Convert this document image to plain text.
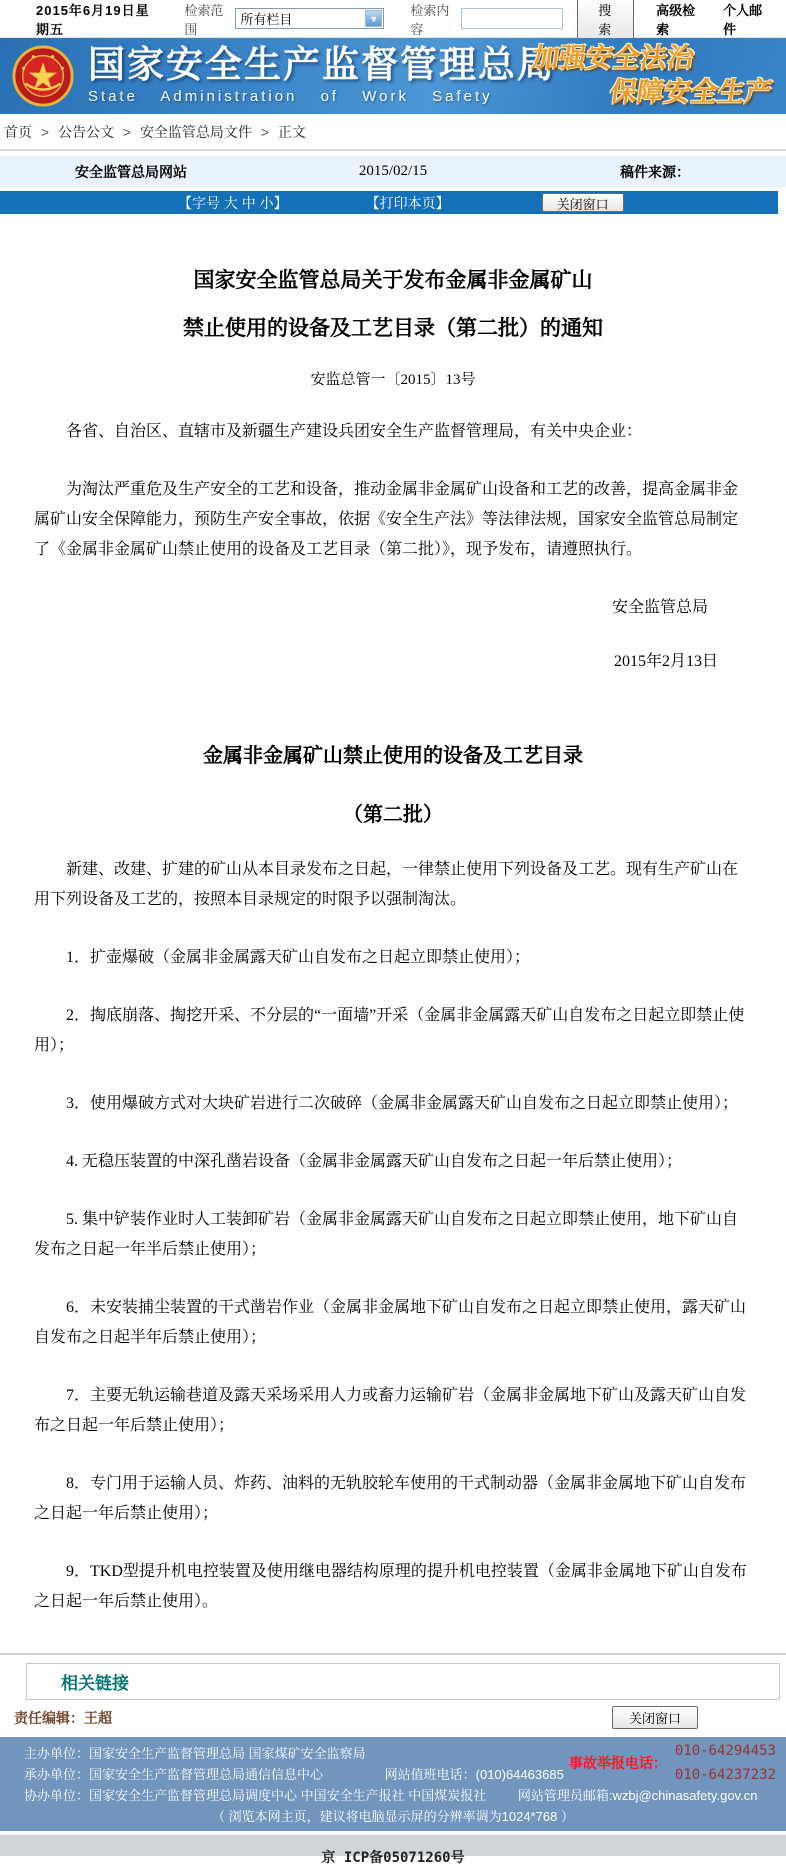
2015年6月19日星期五
检索范围
所有栏目	▼
检索内容
搜 索
高级检索
个人邮件
国家安全生产监督管理总局
State Administration of Work Safety
加强安全法治
保障安全生产
首页 > 公告公文 > 安全监管总局文件 > 正文
安全监管总局网站	2015/02/15	稿件来源：
【字号 大 中 小】	【打印本页】	关闭窗口
国家安全监管总局关于发布金属非金属矿山
禁止使用的设备及工艺目录（第二批）的通知
安监总管一〔2015〕13号

各省、自治区、直辖市及新疆生产建设兵团安全生产监督管理局，有关中央企业：

为淘汰严重危及生产安全的工艺和设备，推动金属非金属矿山设备和工艺的改善，提高金属非金属矿山安全保障能力，预防生产安全事故，依据《安全生产法》等法律法规，国家安全监管总局制定了《金属非金属矿山禁止使用的设备及工艺目录（第二批）》，现予发布，请遵照执行。

安全监管总局

2015年2月13日

金属非金属矿山禁止使用的设备及工艺目录
（第二批）

新建、改建、扩建的矿山从本目录发布之日起，一律禁止使用下列设备及工艺。现有生产矿山在用下列设备及工艺的，按照本目录规定的时限予以强制淘汰。

1．扩壶爆破（金属非金属露天矿山自发布之日起立即禁止使用）；

2．掏底崩落、掏挖开采、不分层的“一面墙”开采（金属非金属露天矿山自发布之日起立即禁止使用）；

3．使用爆破方式对大块矿岩进行二次破碎（金属非金属露天矿山自发布之日起立即禁止使用）；

4. 无稳压装置的中深孔凿岩设备（金属非金属露天矿山自发布之日起一年后禁止使用）；

5. 集中铲装作业时人工装卸矿岩（金属非金属露天矿山自发布之日起立即禁止使用，地下矿山自发布之日起一年半后禁止使用）；

6．未安装捕尘装置的干式凿岩作业（金属非金属地下矿山自发布之日起立即禁止使用，露天矿山自发布之日起半年后禁止使用）；

7．主要无轨运输巷道及露天采场采用人力或畜力运输矿岩（金属非金属地下矿山及露天矿山自发布之日起一年后禁止使用）；

8．专门用于运输人员、炸药、油料的无轨胶轮车使用的干式制动器（金属非金属地下矿山自发布之日起一年后禁止使用）；

9．TKD型提升机电控装置及使用继电器结构原理的提升机电控装置（金属非金属地下矿山自发布之日起一年后禁止使用）。

相关链接
责任编辑：王超	关闭窗口
主办单位：国家安全生产监督管理总局 国家煤矿安全监察局
承办单位：国家安全生产监督管理总局通信信息中心	网站值班电话：(010)64463685
协办单位：国家安全生产监督管理总局调度中心 中国安全生产报社 中国煤炭报社 网站管理员邮箱:wzbj@chinasafety.gov.cn
（ 浏览本网主页，建议将电脑显示屏的分辨率调为1024*768 ）
事故举报电话：
010-64294453
010-64237232
京 ICP备05071260号
